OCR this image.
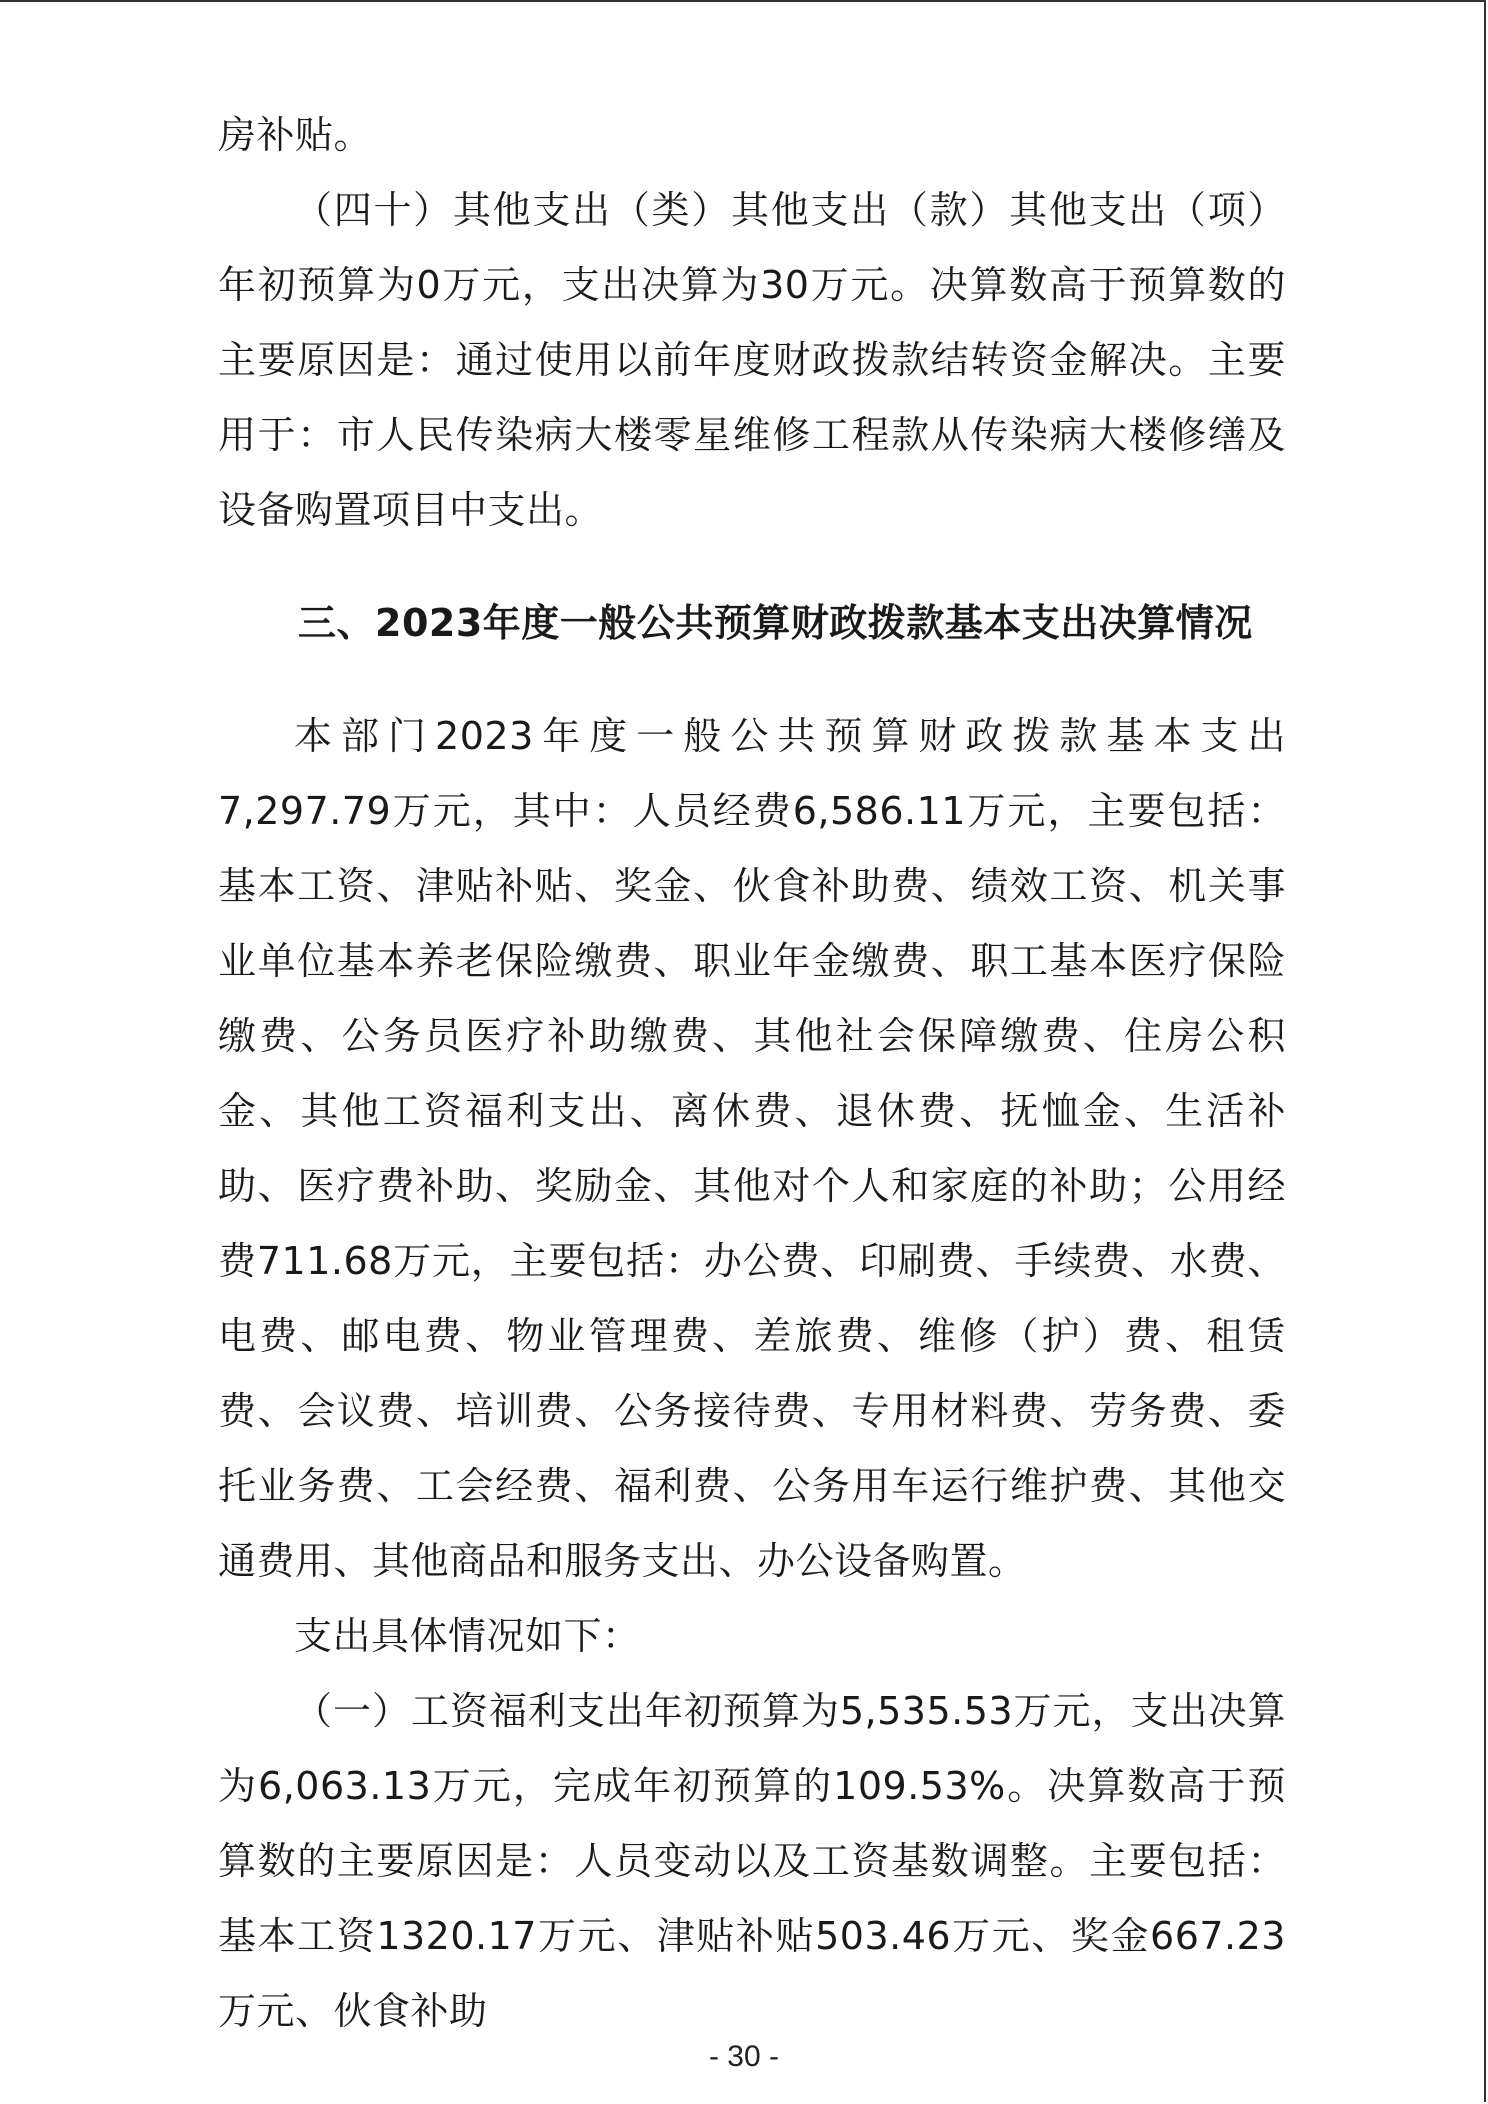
房补贴。

（四十）其他支出（类）其他支出（款）其他支出（项）年初预算为0万元，支出决算为30万元。决算数高于预算数的主要原因是：通过使用以前年度财政拨款结转资金解决。主要用于：市人民传染病大楼零星维修工程款从传染病大楼修缮及设备购置项目中支出。

三、2023年度一般公共预算财政拨款基本支出决算情况

本部门2023年度一般公共预算财政拨款基本支出7,297.79万元，其中：人员经费6,586.11万元，主要包括：基本工资、津贴补贴、奖金、伙食补助费、绩效工资、机关事业单位基本养老保险缴费、职业年金缴费、职工基本医疗保险缴费、公务员医疗补助缴费、其他社会保障缴费、住房公积金、其他工资福利支出、离休费、退休费、抚恤金、生活补助、医疗费补助、奖励金、其他对个人和家庭的补助；公用经费711.68万元，主要包括：办公费、印刷费、手续费、水费、电费、邮电费、物业管理费、差旅费、维修（护）费、租赁费、会议费、培训费、公务接待费、专用材料费、劳务费、委托业务费、工会经费、福利费、公务用车运行维护费、其他交通费用、其他商品和服务支出、办公设备购置。

支出具体情况如下：

（一）工资福利支出年初预算为5,535.53万元，支出决算为6,063.13万元，完成年初预算的109.53%。决算数高于预算数的主要原因是：人员变动以及工资基数调整。主要包括：基本工资1320.17万元、津贴补贴503.46万元、奖金667.23万元、伙食补助

- 30 -
